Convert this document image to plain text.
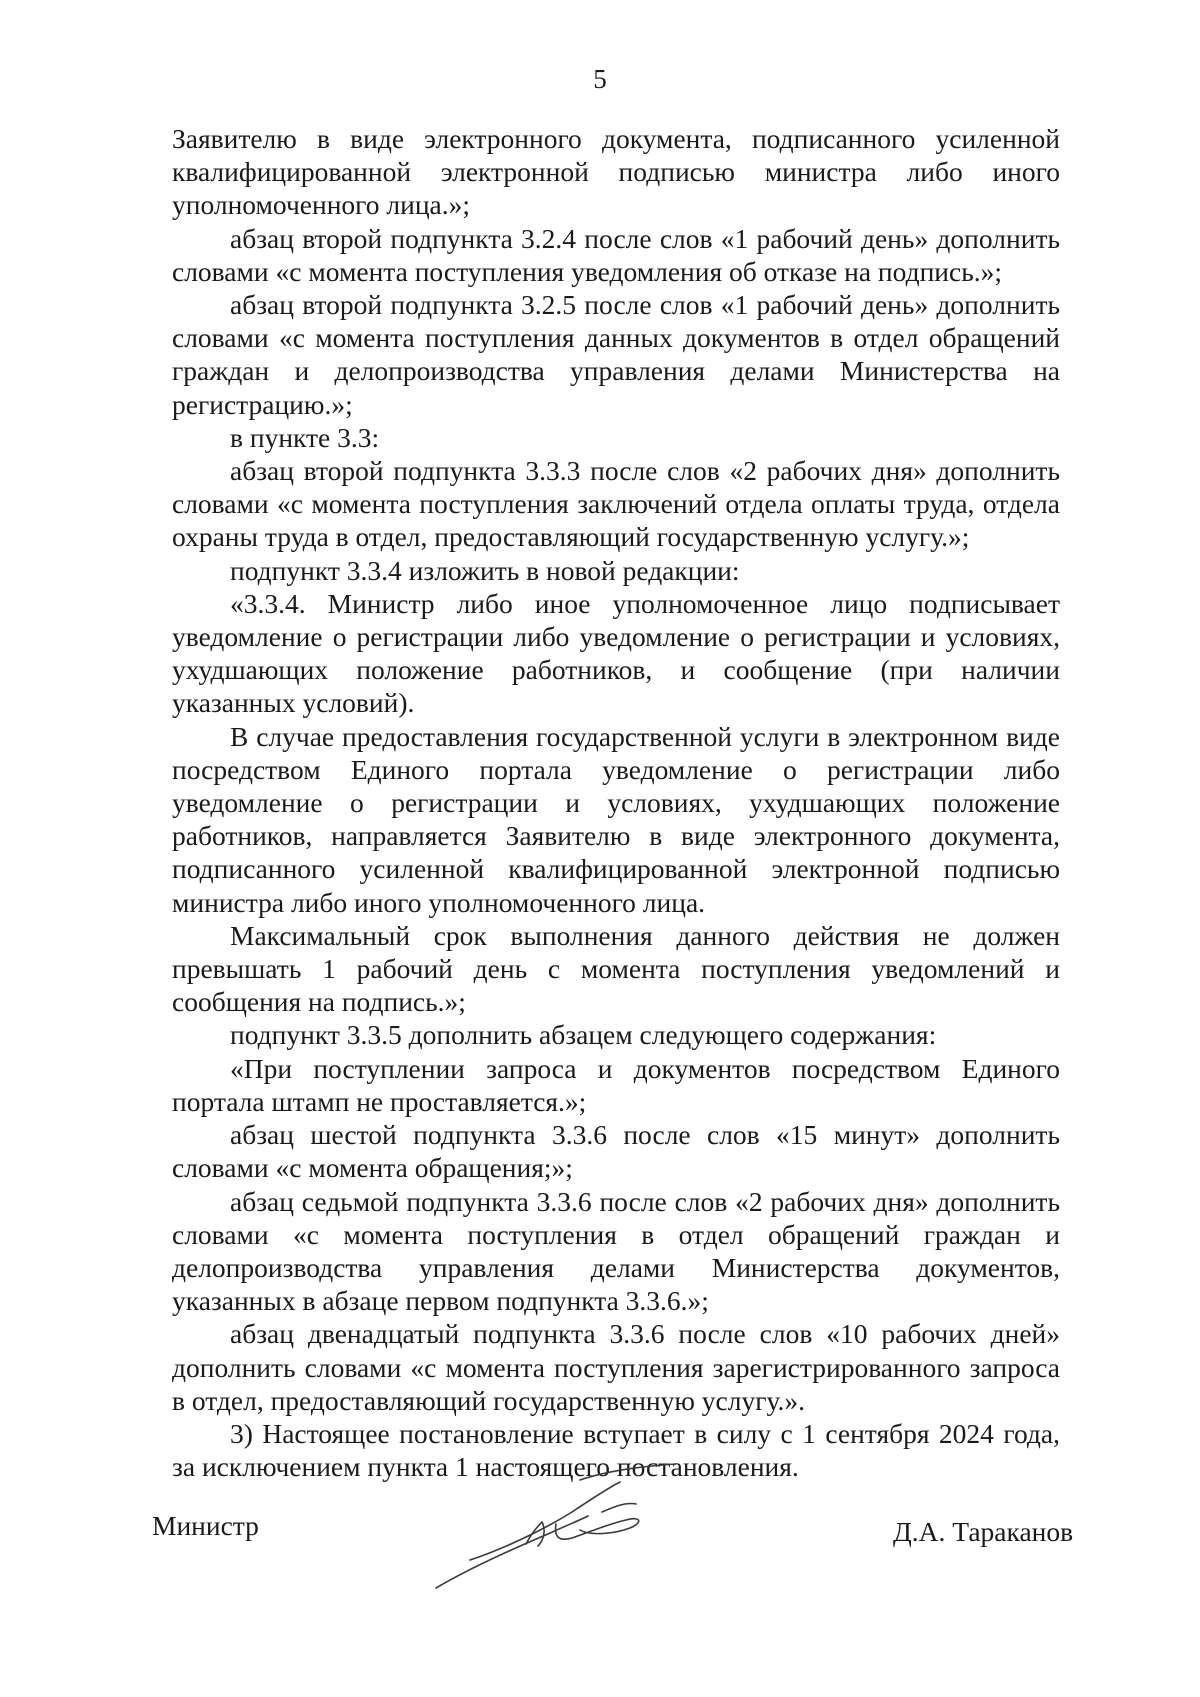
5

Заявителю в виде электронного документа, подписанного усиленной квалифицированной электронной подписью министра либо иного уполномоченного лица.»;

абзац второй подпункта 3.2.4 после слов «1 рабочий день» дополнить словами «с момента поступления уведомления об отказе на подпись.»;

абзац второй подпункта 3.2.5 после слов «1 рабочий день» дополнить словами «с момента поступления данных документов в отдел обращений граждан и делопроизводства управления делами Министерства на регистрацию.»;

в пункте 3.3:

абзац второй подпункта 3.3.3 после слов «2 рабочих дня» дополнить словами «с момента поступления заключений отдела оплаты труда, отдела охраны труда в отдел, предоставляющий государственную услугу.»;

подпункт 3.3.4 изложить в новой редакции:

«3.3.4. Министр либо иное уполномоченное лицо подписывает уведомление о регистрации либо уведомление о регистрации и условиях, ухудшающих положение работников, и сообщение (при наличии указанных условий).

В случае предоставления государственной услуги в электронном виде посредством Единого портала уведомление о регистрации либо уведомление о регистрации и условиях, ухудшающих положение работников, направляется Заявителю в виде электронного документа, подписанного усиленной квалифицированной электронной подписью министра либо иного уполномоченного лица.

Максимальный срок выполнения данного действия не должен превышать 1 рабочий день с момента поступления уведомлений и сообщения на подпись.»;

подпункт 3.3.5 дополнить абзацем следующего содержания:

«При поступлении запроса и документов посредством Единого портала штамп не проставляется.»;

абзац шестой подпункта 3.3.6 после слов «15 минут» дополнить словами «с момента обращения;»;

абзац седьмой подпункта 3.3.6 после слов «2 рабочих дня» дополнить словами «с момента поступления в отдел обращений граждан и делопроизводства управления делами Министерства документов, указанных в абзаце первом подпункта 3.3.6.»;

абзац двенадцатый подпункта 3.3.6 после слов «10 рабочих дней» дополнить словами «с момента поступления зарегистрированного запроса в отдел, предоставляющий государственную услугу.».

3) Настоящее постановление вступает в силу с 1 сентября 2024 года, за исключением пункта 1 настоящего постановления.

Министр	Д.А. Тараканов
